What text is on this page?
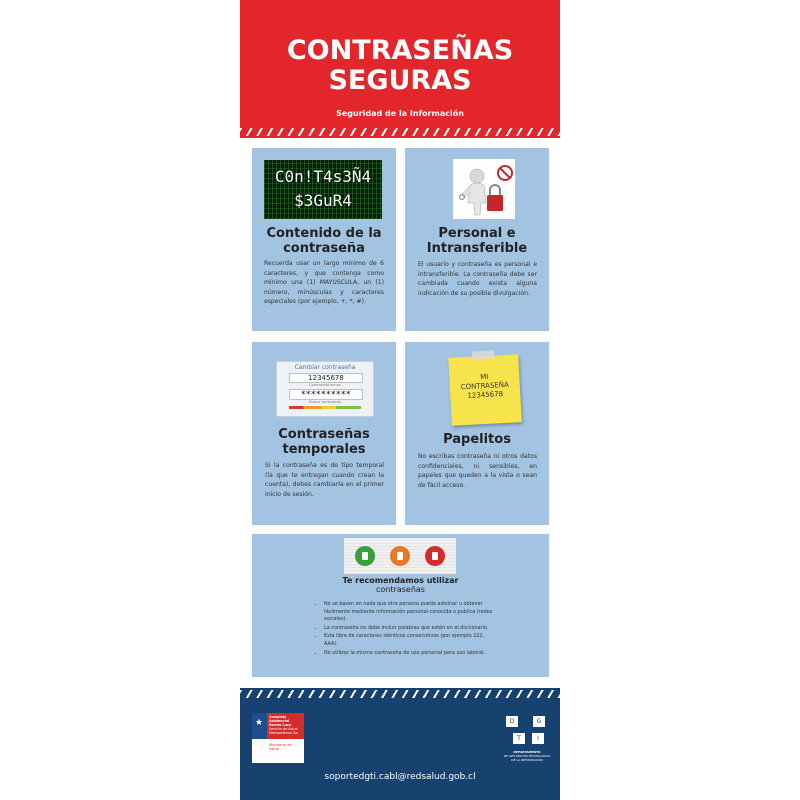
CONTRASEÑAS
SEGURAS
Seguridad de la Información
C0n!T4s3Ñ4
$3GuR4
Contenido de la
contraseña

Recuerda usar un largo mínimo de 6 caracteres, y que contenga como mínimo una (1) MAYUSCULA, un (1) número, minúsculas y caracteres especiales (por ejemplo, +, *, #).

Personal e
Intransferible

El usuario y contraseña es personal e intransferible. La contraseña debe ser cambiada cuando exista alguna indicación de su posible divulgación.

Cambiar contraseña
12345678
Contraseña actual
**********
Nueva contraseña
Contraseñas
temporales

Si la contraseña es de tipo temporal (la que te entregan cuando crean la cuenta), debes cambiarla en el primer inicio de sesión.

MI
CONTRASEÑA
12345678
Papelitos

No escribas contraseña ni otros datos confidenciales, ni sensibles, en papeles que queden a la vista o sean de fácil acceso.

Te recomendamos utilizar
contraseñas
• No se basen en nada que otra persona pueda adivinar u obtener fácilmente mediante información personal conocida o publica (redes sociales).
• La contraseña no debe incluir palabras que estén en el diccionario.
• Esta libre de caracteres idénticos consecutivos (por ejemplo 222, AAA).
• No utilizar la misma contraseña de uso personal para uso laboral.
★
Complejo
Asistencial
Barros Luco
Servicio de Salud
Metropolitano Sur
Ministerio de
Salud
D	G
T	I
DEPARTAMENTO
DE GESTIÓN EN TECNOLOGÍAS
DE LA INFORMACIÓN
soportedgti.cabl@redsalud.gob.cl
